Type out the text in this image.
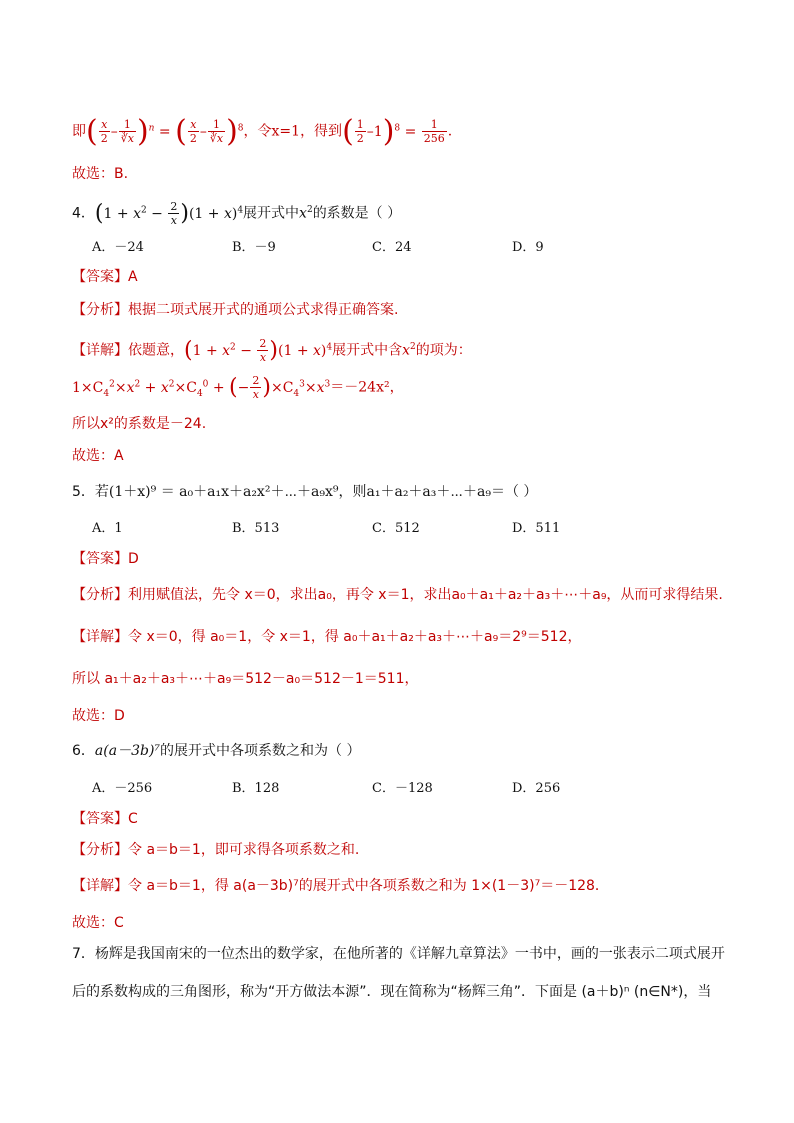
即( $\frac{x}{2} - \frac{1}{∛x} )^n$ = ( $\frac{x}{2} - \frac{1}{∛x} )^8$，令x=1，得到( $\frac{1}{2} -1)^8 = \frac{1}{256}$ .
故选：B.
4．$(1 + x^2 - \frac{2}{x} )(1 + x)^4$展开式中$x^2$的系数是（ ）
A．－24	B．－9	C．24	D．9
【答案】A
【分析】根据二项式展开式的通项公式求得正确答案.
【详解】依题意，$(1 + x^2 - \frac{2}{x} )(1 + x)^4$展开式中含$x^2$的项为：
$1\times C_4^2\times x^2 + x^2\times C_4^0$ + (− $\frac{2}{x} )\times C_4^3\times x^3=-24x^2$，
所以x²的系数是－24.
故选：A
5．若(1＋x)⁹ ＝ a₀＋a₁x＋a₂x²＋⋯＋a₉x⁹，则a₁＋a₂＋a₃＋⋯＋a₉＝（ ）
A．1	B．513	C．512	D．511
【答案】D
【分析】利用赋值法，先令 x＝0，求出a₀，再令 x＝1，求出a₀＋a₁＋a₂＋a₃＋⋯＋a₉，从而可求得结果.
【详解】令 x＝0，得 a₀＝1，令 x＝1，得 a₀＋a₁＋a₂＋a₃＋⋯＋a₉＝2⁹＝512，
所以 a₁＋a₂＋a₃＋⋯＋a₉＝512－a₀＝512－1＝511，
故选：D
6．a(a－3b)⁷的展开式中各项系数之和为（ ）
A．－256	B．128	C．－128	D．256
【答案】C
【分析】令 a＝b＝1，即可求得各项系数之和.
【详解】令 a＝b＝1，得 a(a－3b)⁷的展开式中各项系数之和为 1×(1－3)⁷＝－128．
故选：C
7．杨辉是我国南宋的一位杰出的数学家，在他所著的《详解九章算法》一书中，画的一张表示二项式展开
后的系数构成的三角图形，称为“开方做法本源”．现在简称为“杨辉三角”．下面是 (a＋b)ⁿ (n∈N*)，当
